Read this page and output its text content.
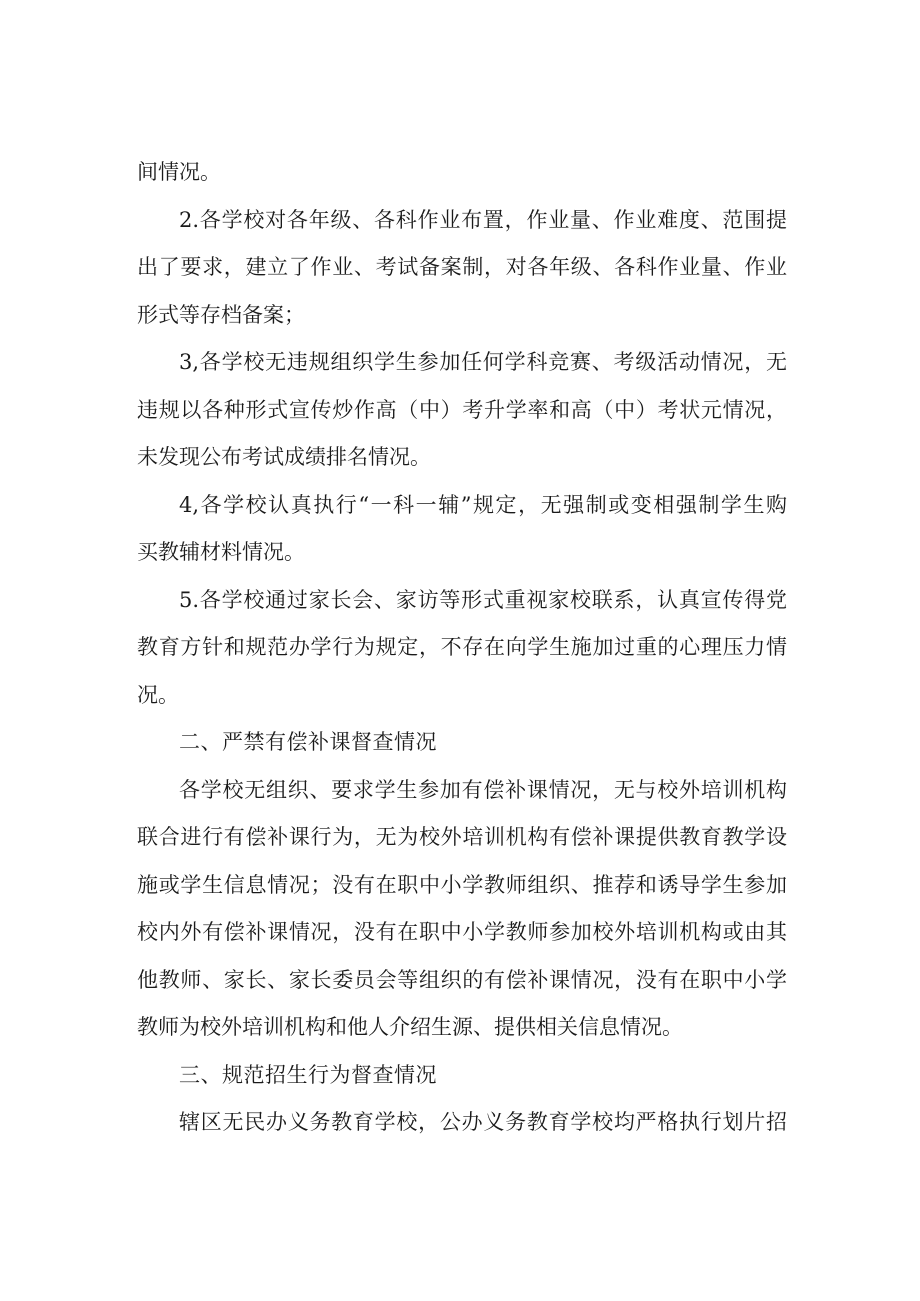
间情况。
2.各学校对各年级、各科作业布置，作业量、作业难度、范围提
出了要求，建立了作业、考试备案制，对各年级、各科作业量、作业
形式等存档备案；
3,各学校无违规组织学生参加任何学科竞赛、考级活动情况，无
违规以各种形式宣传炒作高（中）考升学率和高（中）考状元情况，
未发现公布考试成绩排名情况。
4,各学校认真执行“一科一辅”规定，无强制或变相强制学生购
买教辅材料情况。
5.各学校通过家长会、家访等形式重视家校联系，认真宣传得党
教育方针和规范办学行为规定，不存在向学生施加过重的心理压力情
况。
二、严禁有偿补课督查情况
各学校无组织、要求学生参加有偿补课情况，无与校外培训机构
联合进行有偿补课行为，无为校外培训机构有偿补课提供教育教学设
施或学生信息情况；没有在职中小学教师组织、推荐和诱导学生参加
校内外有偿补课情况，没有在职中小学教师参加校外培训机构或由其
他教师、家长、家长委员会等组织的有偿补课情况，没有在职中小学
教师为校外培训机构和他人介绍生源、提供相关信息情况。
三、规范招生行为督查情况
辖区无民办义务教育学校，公办义务教育学校均严格执行划片招
